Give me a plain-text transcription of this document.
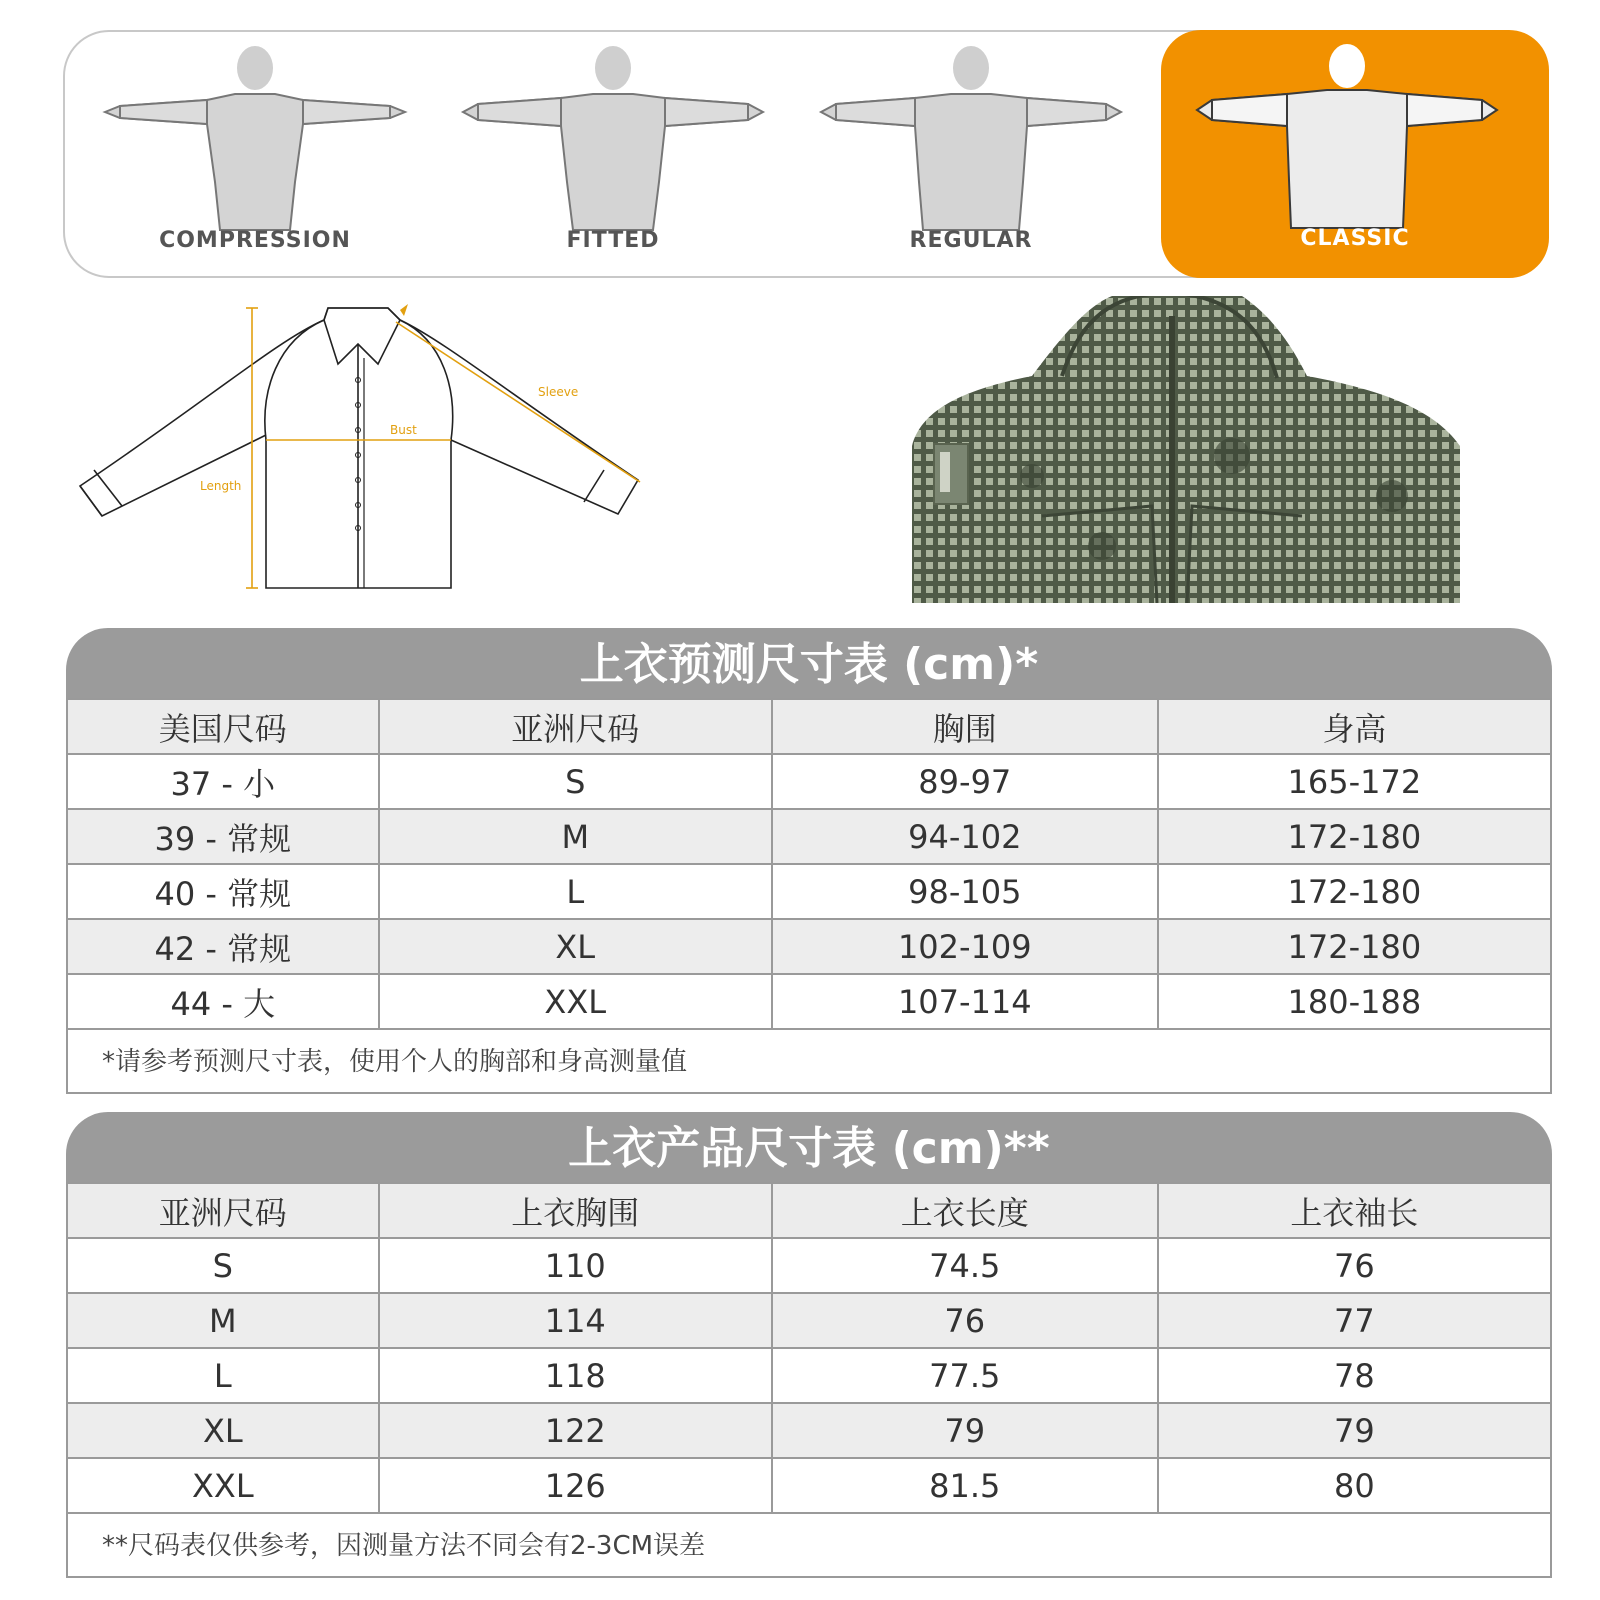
COMPRESSION	FITTED	REGULAR	CLASSIC
Sleeve
Bust
Length
上衣预测尺寸表 (cm)*
美国尺码	亚洲尺码	胸围	身高
37 - 小	S	89-97	165-172
39 - 常规	M	94-102	172-180
40 - 常规	L	98-105	172-180
42 - 常规	XL	102-109	172-180
44 - 大	XXL	107-114	180-188
*请参考预测尺寸表，使用个人的胸部和身高测量值
上衣产品尺寸表 (cm)**
亚洲尺码	上衣胸围	上衣长度	上衣袖长
S	110	74.5	76
M	114	76	77
L	118	77.5	78
XL	122	79	79
XXL	126	81.5	80
**尺码表仅供参考，因测量方法不同会有2-3CM误差
